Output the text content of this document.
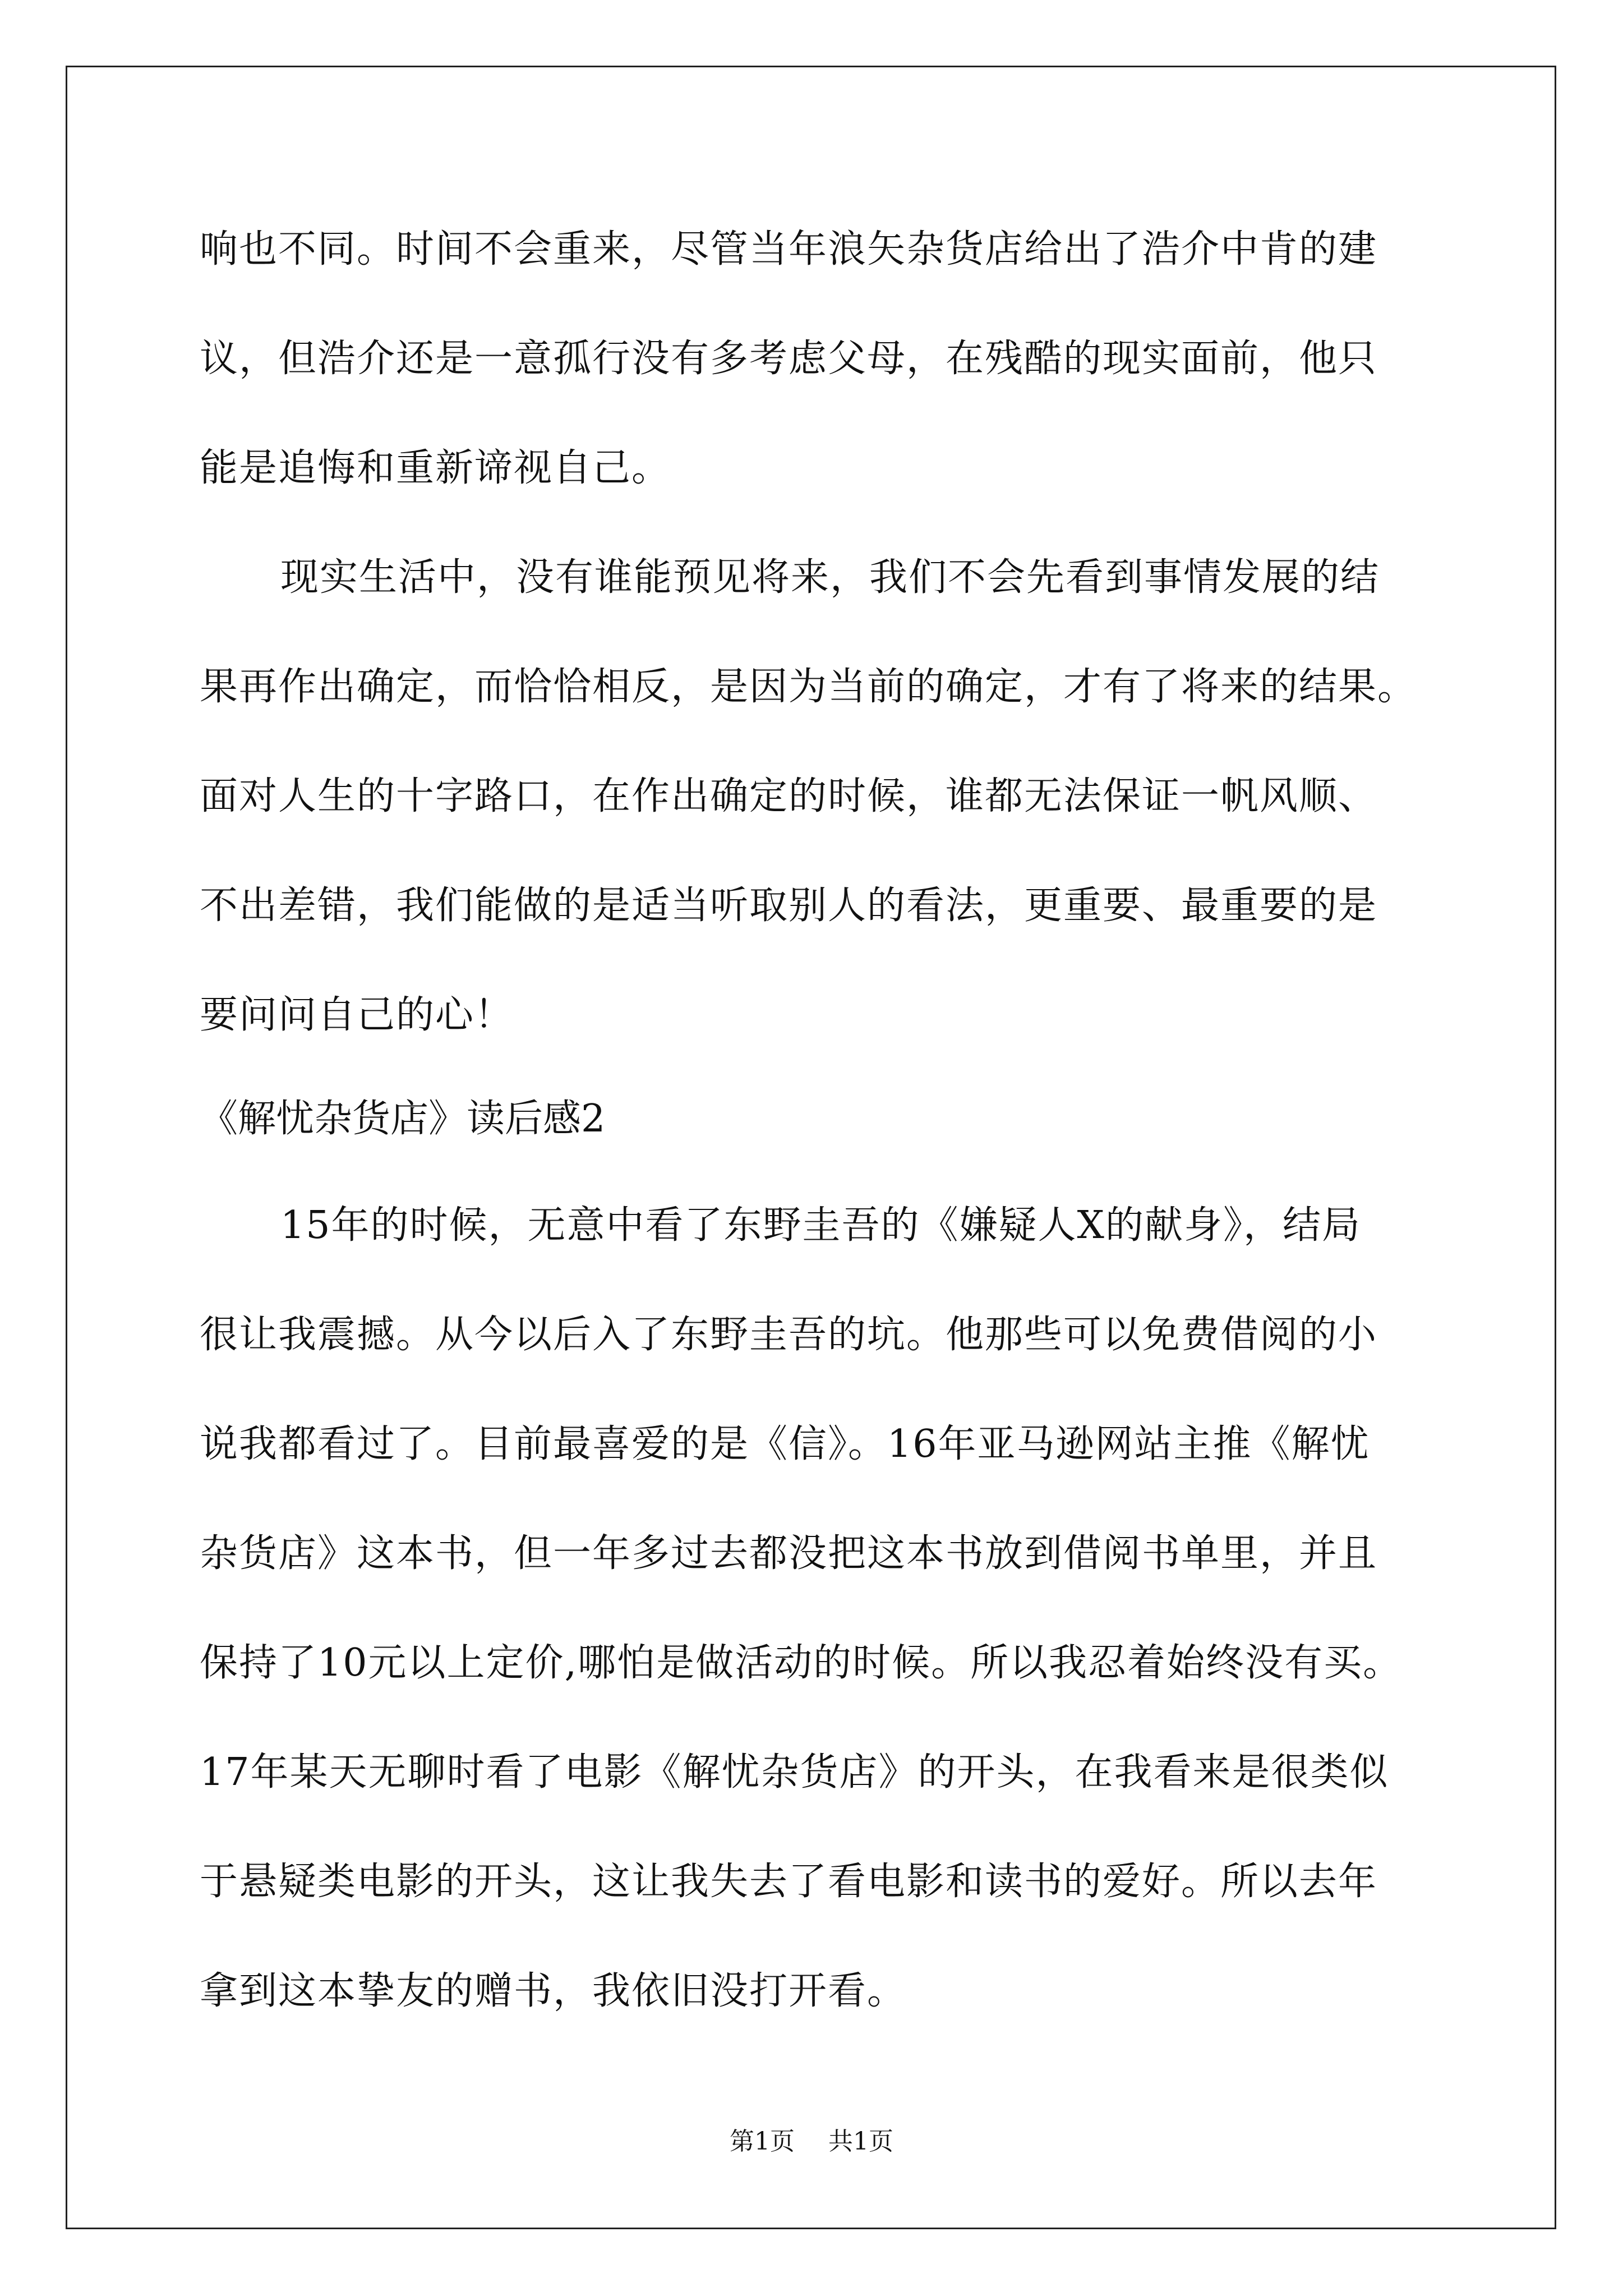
响也不同。时间不会重来，尽管当年浪矢杂货店给出了浩介中肯的建
议，但浩介还是一意孤行没有多考虑父母，在残酷的现实面前，他只
能是追悔和重新谛视自己。
现实生活中，没有谁能预见将来，我们不会先看到事情发展的结
果再作出确定，而恰恰相反，是因为当前的确定，才有了将来的结果。
面对人生的十字路口，在作出确定的时候，谁都无法保证一帆风顺、
不出差错，我们能做的是适当听取别人的看法，更重要、最重要的是
要问问自己的心！
《解忧杂货店》读后感2
15年的时候，无意中看了东野圭吾的《嫌疑人X的献身》，结局
很让我震撼。从今以后入了东野圭吾的坑。他那些可以免费借阅的小
说我都看过了。目前最喜爱的是《信》。16年亚马逊网站主推《解忧
杂货店》这本书，但一年多过去都没把这本书放到借阅书单里，并且
保持了10元以上定价,哪怕是做活动的时候。所以我忍着始终没有买。
17年某天无聊时看了电影《解忧杂货店》的开头，在我看来是很类似
于悬疑类电影的开头，这让我失去了看电影和读书的爱好。所以去年
拿到这本挚友的赠书，我依旧没打开看。
第1页 共1页
